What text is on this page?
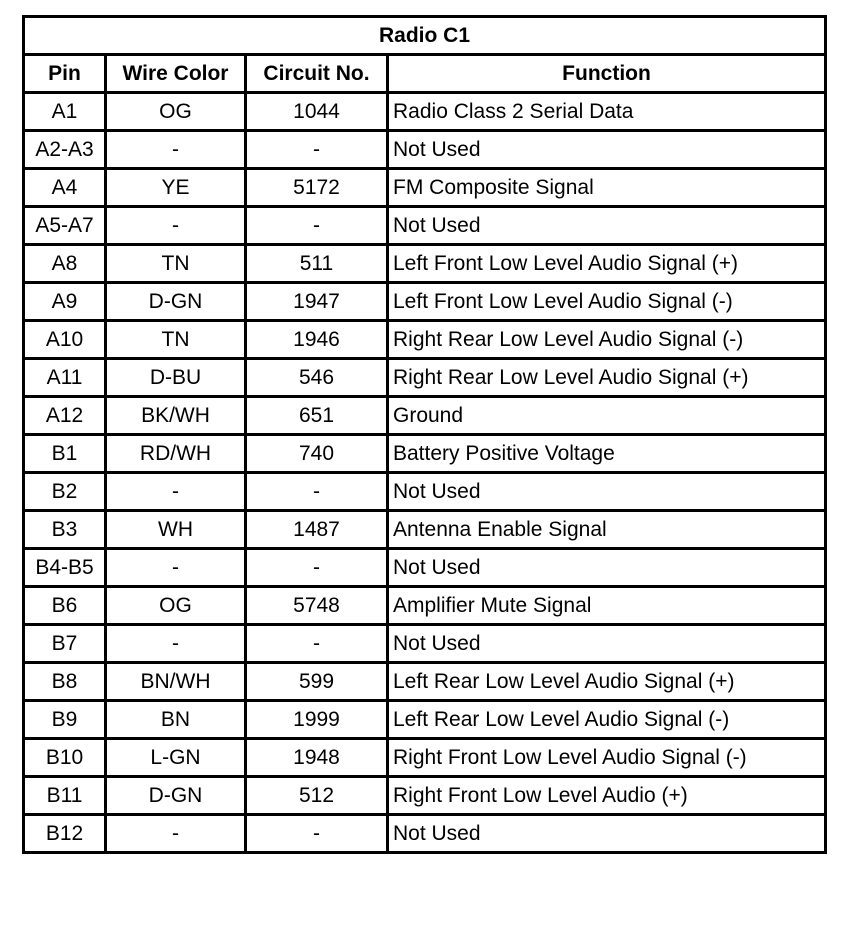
Radio C1			
Pin	Wire Color	Circuit No.	Function
A1	OG	1044	Radio Class 2 Serial Data
A2-A3	-	-	Not Used
A4	YE	5172	FM Composite Signal
A5-A7	-	-	Not Used
A8	TN	511	Left Front Low Level Audio Signal (+)
A9	D-GN	1947	Left Front Low Level Audio Signal (-)
A10	TN	1946	Right Rear Low Level Audio Signal (-)
A11	D-BU	546	Right Rear Low Level Audio Signal (+)
A12	BK/WH	651	Ground
B1	RD/WH	740	Battery Positive Voltage
B2	-	-	Not Used
B3	WH	1487	Antenna Enable Signal
B4-B5	-	-	Not Used
B6	OG	5748	Amplifier Mute Signal
B7	-	-	Not Used
B8	BN/WH	599	Left Rear Low Level Audio Signal (+)
B9	BN	1999	Left Rear Low Level Audio Signal (-)
B10	L-GN	1948	Right Front Low Level Audio Signal (-)
B11	D-GN	512	Right Front Low Level Audio (+)
B12	-	-	Not Used
